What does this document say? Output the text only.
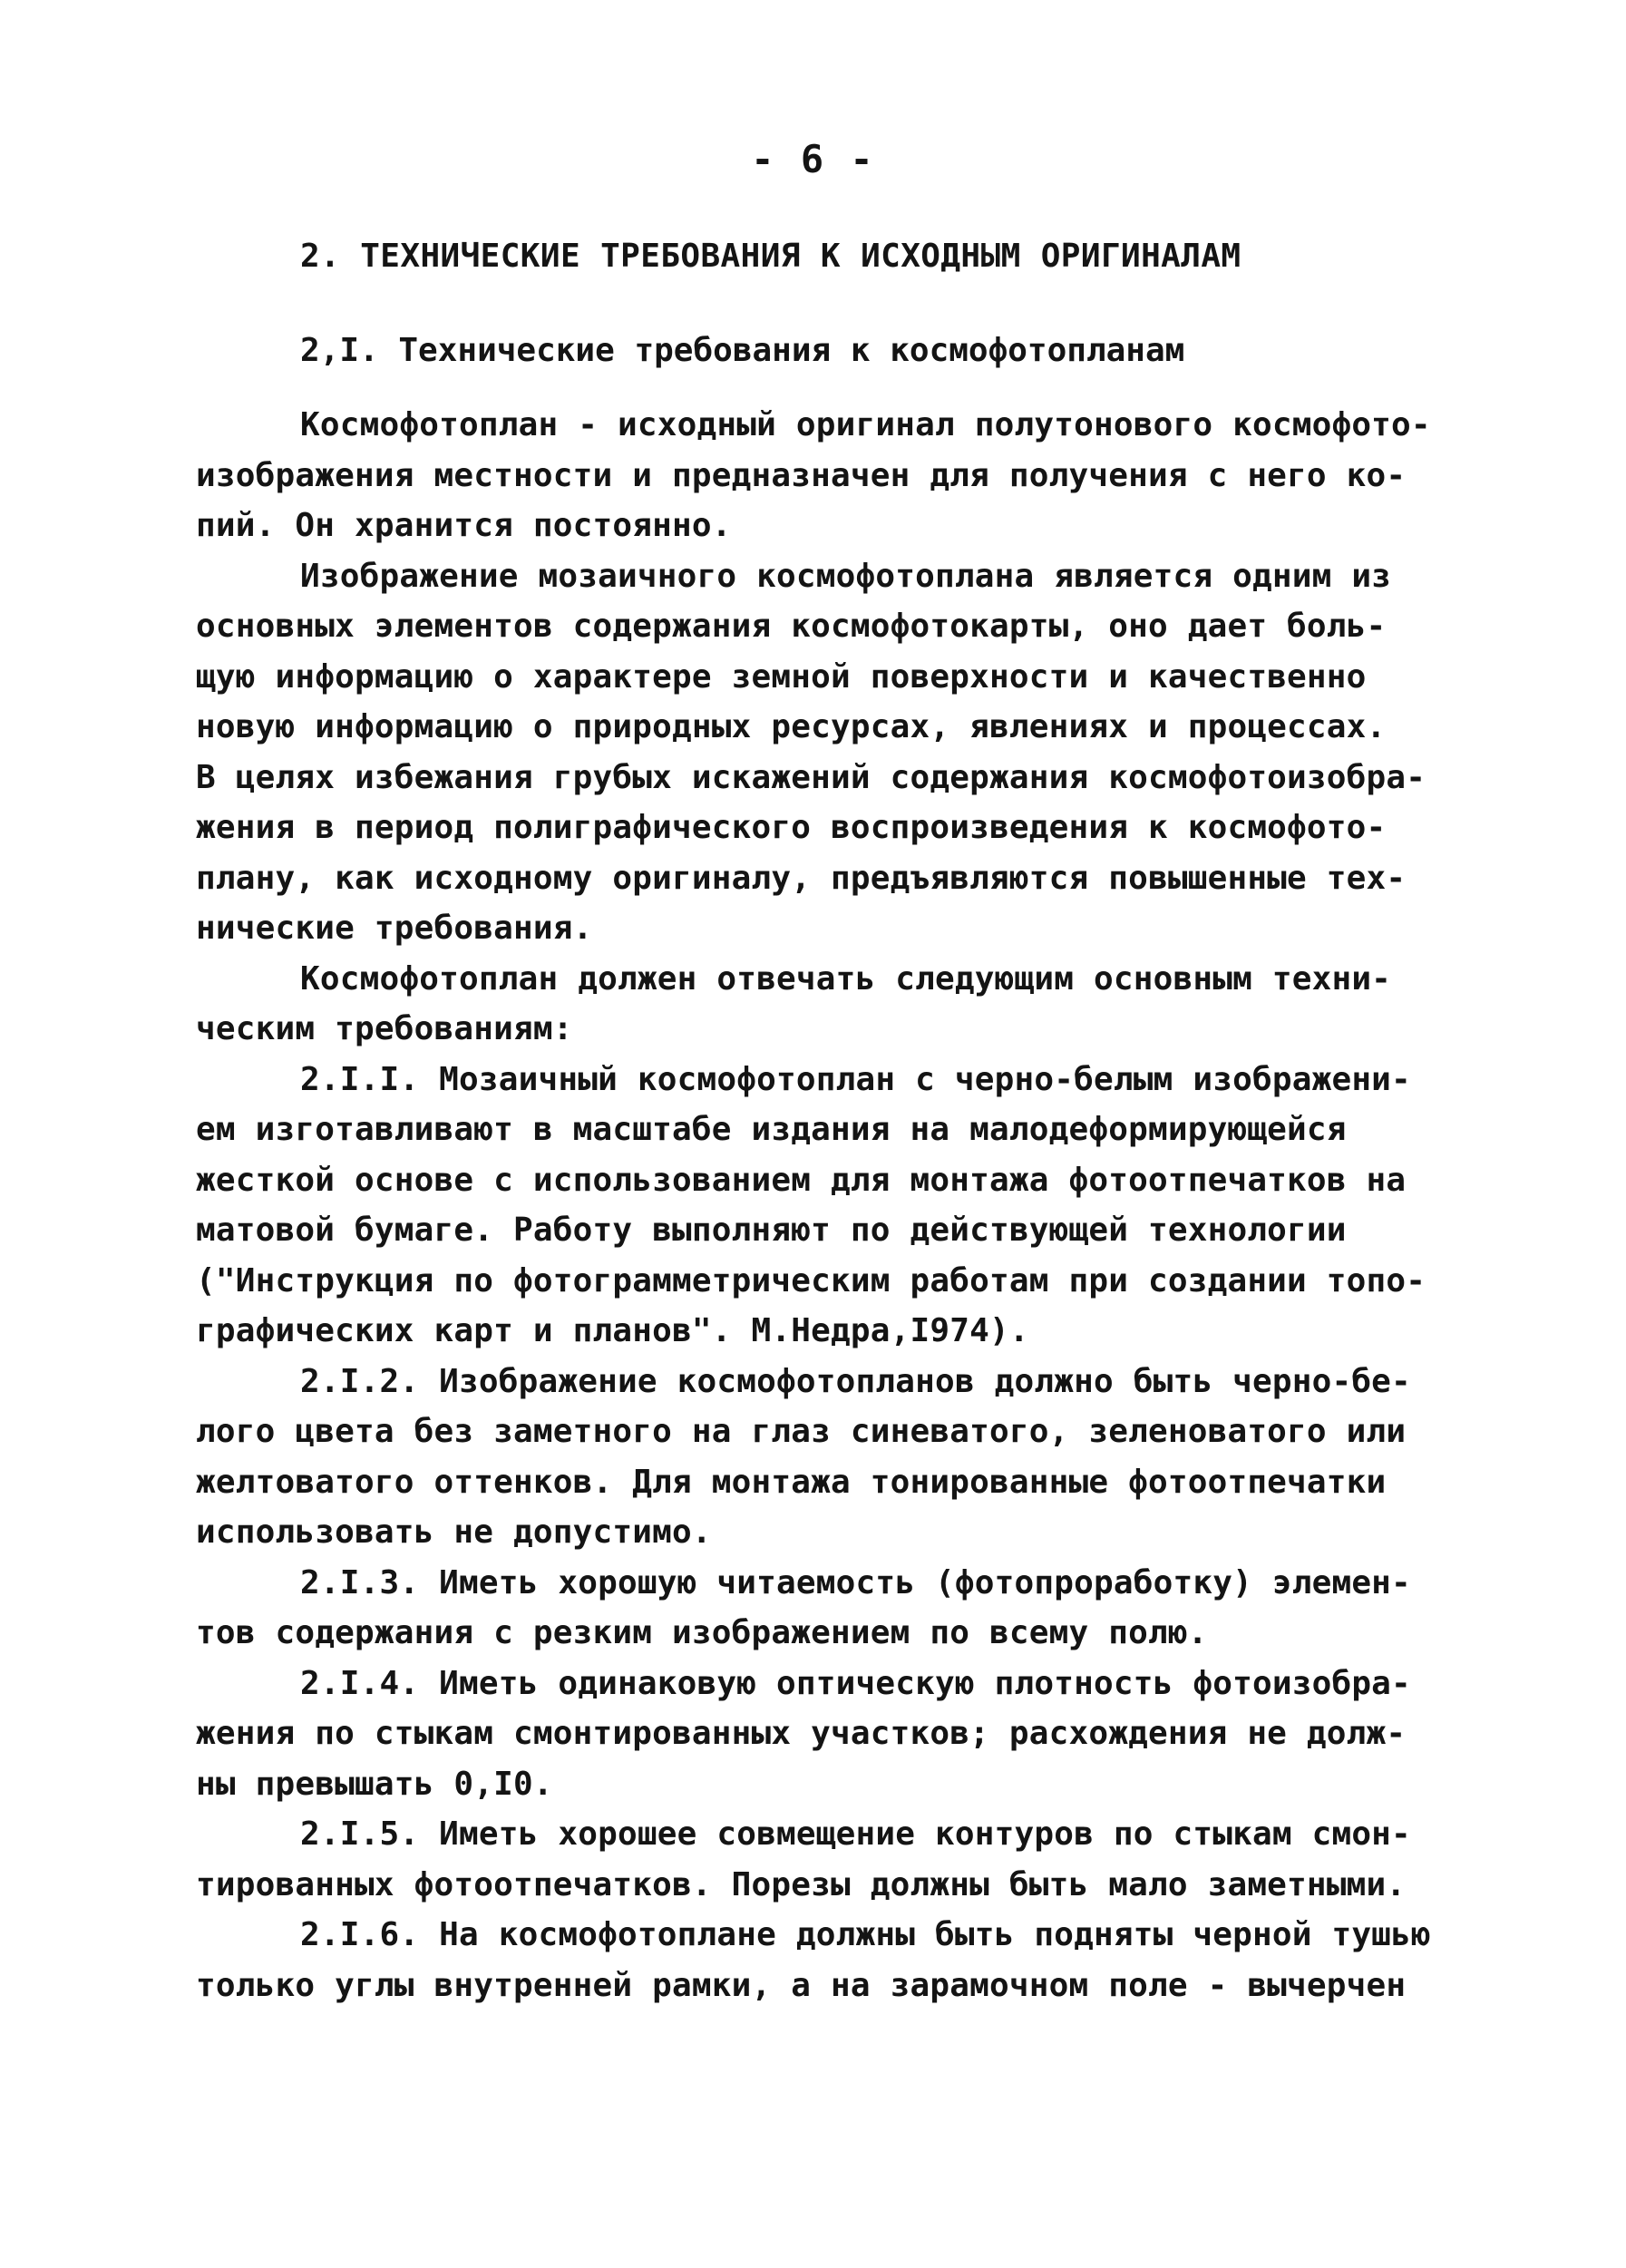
- 6 -
2. ТЕХНИЧЕСКИЕ ТРЕБОВАНИЯ К ИСХОДНЫМ ОРИГИНАЛАМ
2,I. Технические требования к космофотопланам
Космофотоплан - исходный оригинал полутонового космофото-
изображения местности и предназначен для получения с него ко-
пий. Он хранится постоянно.
Изображение мозаичного космофотоплана является одним из
основных элементов содержания космофотокарты, оно дает боль-
щую информацию о характере земной поверхности и качественно
новую информацию о природных ресурсах, явлениях и процессах.
В целях избежания грубых искажений содержания космофотоизобра-
жения в период полиграфического воспроизведения к космофото-
плану, как исходному оригиналу, предъявляются повышенные тех-
нические требования.
Космофотоплан должен отвечать следующим основным техни-
ческим требованиям:
2.I.I. Мозаичный космофотоплан с черно-белым изображени-
ем изготавливают в масштабе издания на малодеформирующейся
жесткой основе с использованием для монтажа фотоотпечатков на
матовой бумаге. Работу выполняют по действующей технологии
("Инструкция по фотограмметрическим работам при создании топо-
графических карт и планов". М.Недра,I974).
2.I.2. Изображение космофотопланов должно быть черно-бе-
лого цвета без заметного на глаз синеватого, зеленоватого или
желтоватого оттенков. Для монтажа тонированные фотоотпечатки
использовать не допустимо.
2.I.3. Иметь хорошую читаемость (фотопроработку) элемен-
тов содержания с резким изображением по всему полю.
2.I.4. Иметь одинаковую оптическую плотность фотоизобра-
жения по стыкам смонтированных участков; расхождения не долж-
ны превышать 0,I0.
2.I.5. Иметь хорошее совмещение контуров по стыкам смон-
тированных фотоотпечатков. Порезы должны быть мало заметными.
2.I.6. На космофотоплане должны быть подняты черной тушью
только углы внутренней рамки, а на зарамочном поле - вычерчен
